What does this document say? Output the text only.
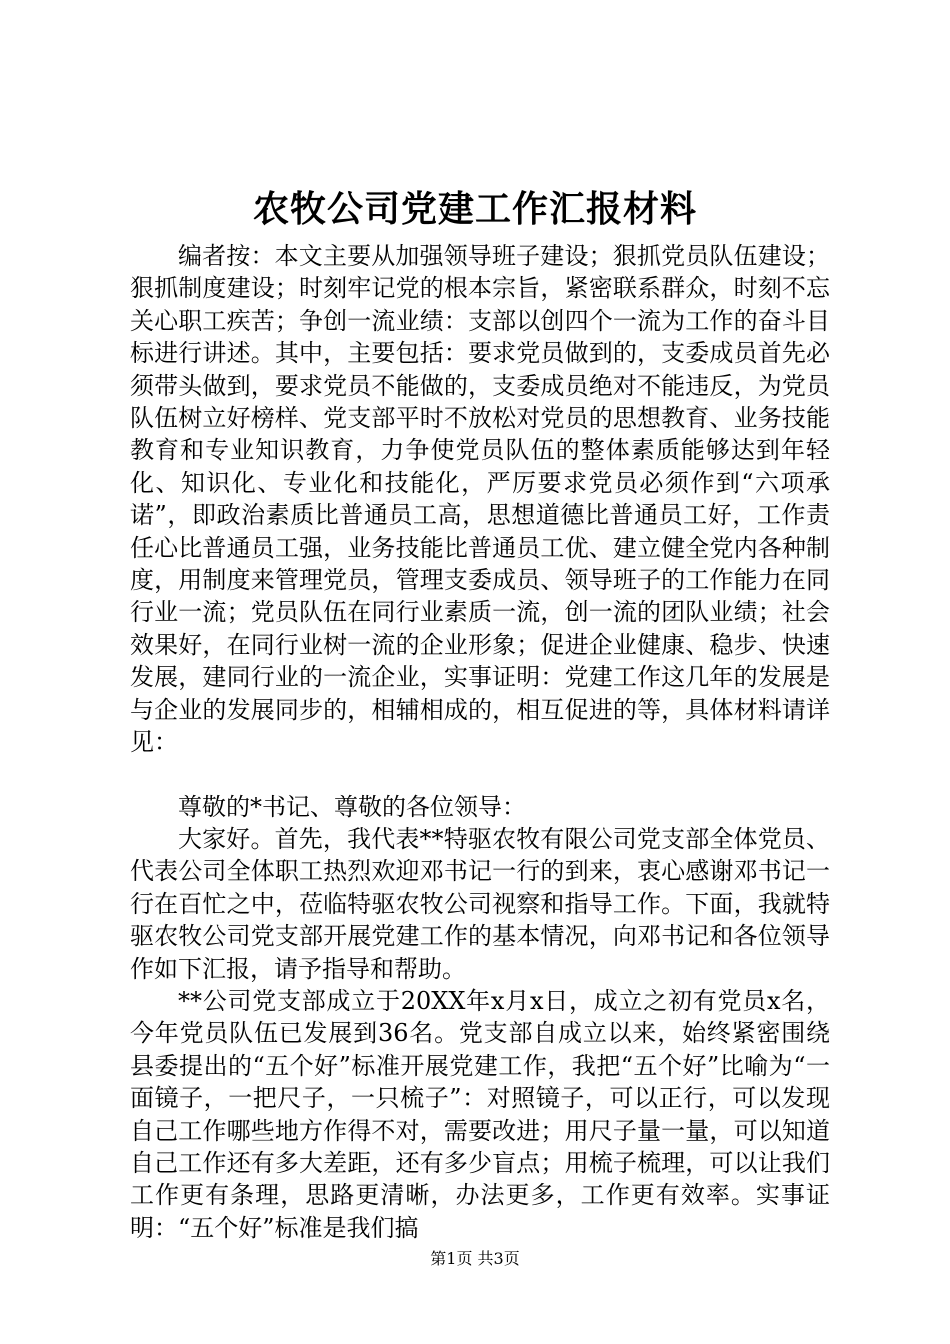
农牧公司党建工作汇报材料

编者按：本文主要从加强领导班子建设；狠抓党员队伍建设；狠抓制度建设；时刻牢记党的根本宗旨，紧密联系群众，时刻不忘关心职工疾苦；争创一流业绩：支部以创四个一流为工作的奋斗目标进行讲述。其中，主要包括：要求党员做到的，支委成员首先必须带头做到，要求党员不能做的，支委成员绝对不能违反，为党员队伍树立好榜样、党支部平时不放松对党员的思想教育、业务技能教育和专业知识教育，力争使党员队伍的整体素质能够达到年轻化、知识化、专业化和技能化，严厉要求党员必须作到“六项承诺”，即政治素质比普通员工高，思想道德比普通员工好，工作责任心比普通员工强，业务技能比普通员工优、建立健全党内各种制度，用制度来管理党员，管理支委成员、领导班子的工作能力在同行业一流；党员队伍在同行业素质一流，创一流的团队业绩；社会效果好，在同行业树一流的企业形象；促进企业健康、稳步、快速发展，建同行业的一流企业，实事证明：党建工作这几年的发展是与企业的发展同步的，相辅相成的，相互促进的等，具体材料请详见：

尊敬的*书记、尊敬的各位领导：

大家好。首先，我代表**特驱农牧有限公司党支部全体党员、代表公司全体职工热烈欢迎邓书记一行的到来，衷心感谢邓书记一行在百忙之中，莅临特驱农牧公司视察和指导工作。下面，我就特驱农牧公司党支部开展党建工作的基本情况，向邓书记和各位领导作如下汇报，请予指导和帮助。

**公司党支部成立于20XX年x月x日，成立之初有党员x名，今年党员队伍已发展到36名。党支部自成立以来，始终紧密围绕县委提出的“五个好”标准开展党建工作，我把“五个好”比喻为“一面镜子，一把尺子，一只梳子”：对照镜子，可以正行，可以发现自己工作哪些地方作得不对，需要改进；用尺子量一量，可以知道自己工作还有多大差距，还有多少盲点；用梳子梳理，可以让我们工作更有条理，思路更清晰，办法更多，工作更有效率。实事证明：“五个好”标准是我们搞

第1页 共3页
